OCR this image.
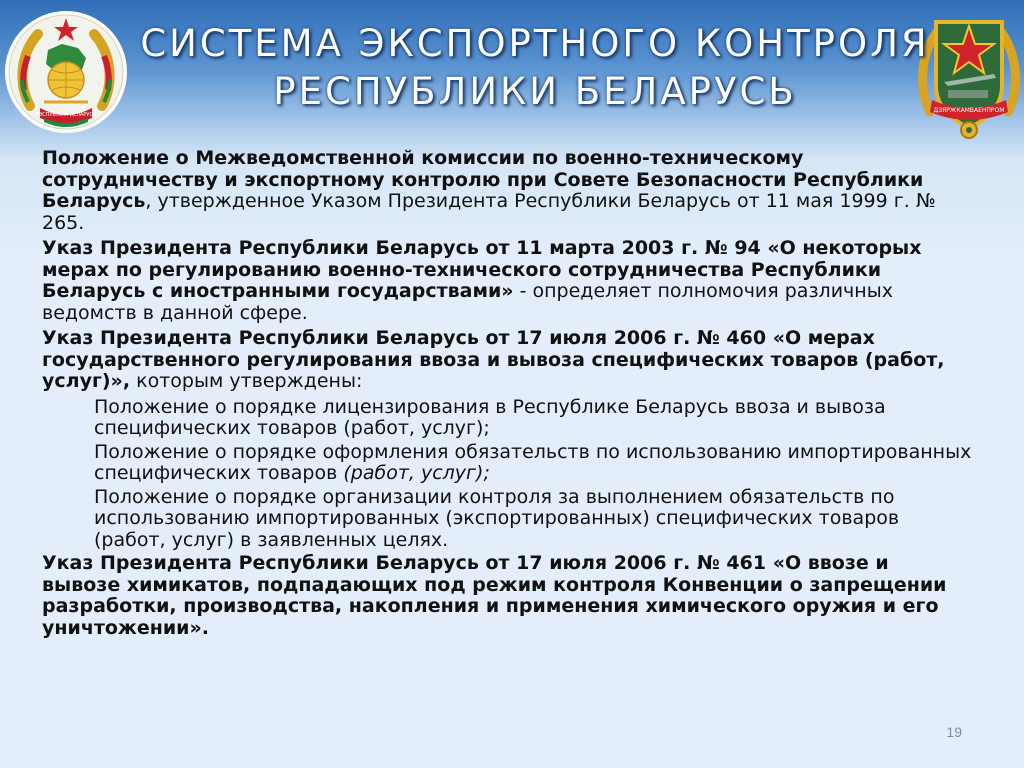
РЭСПУБЛІКА БЕЛАРУСЬ
ДЗЯРЖКАМВАЕНПРОМ
СИСТЕМА ЭКСПОРТНОГО КОНТРОЛЯ
РЕСПУБЛИКИ БЕЛАРУСЬ

Положение о Межведомственной комиссии по военно-техническому сотрудничеству и экспортному контролю при Совете Безопасности Республики Беларусь, утвержденное Указом Президента Республики Беларусь от 11 мая 1999 г. № 265.

Указ Президента Республики Беларусь от 11 марта 2003 г. № 94 «О некоторых мерах по регулированию военно-технического сотрудничества Республики Беларусь с иностранными государствами» - определяет полномочия различных ведомств в данной сфере.

Указ Президента Республики Беларусь от 17 июля 2006 г. № 460 «О мерах государственного регулирования ввоза и вывоза специфических товаров (работ, услуг)», которым утверждены:

Положение о порядке лицензирования в Республике Беларусь ввоза и вывоза специфических товаров (работ, услуг);

Положение о порядке оформления обязательств по использованию импортированных специфических товаров (работ, услуг);

Положение о порядке организации контроля за выполнением обязательств по использованию импортированных (экспортированных) специфических товаров (работ, услуг) в заявленных целях.

Указ Президента Республики Беларусь от 17 июля 2006 г. № 461 «О ввозе и вывозе химикатов, подпадающих под режим контроля Конвенции о запрещении разработки, производства, накопления и применения химического оружия и его уничтожении».

19
